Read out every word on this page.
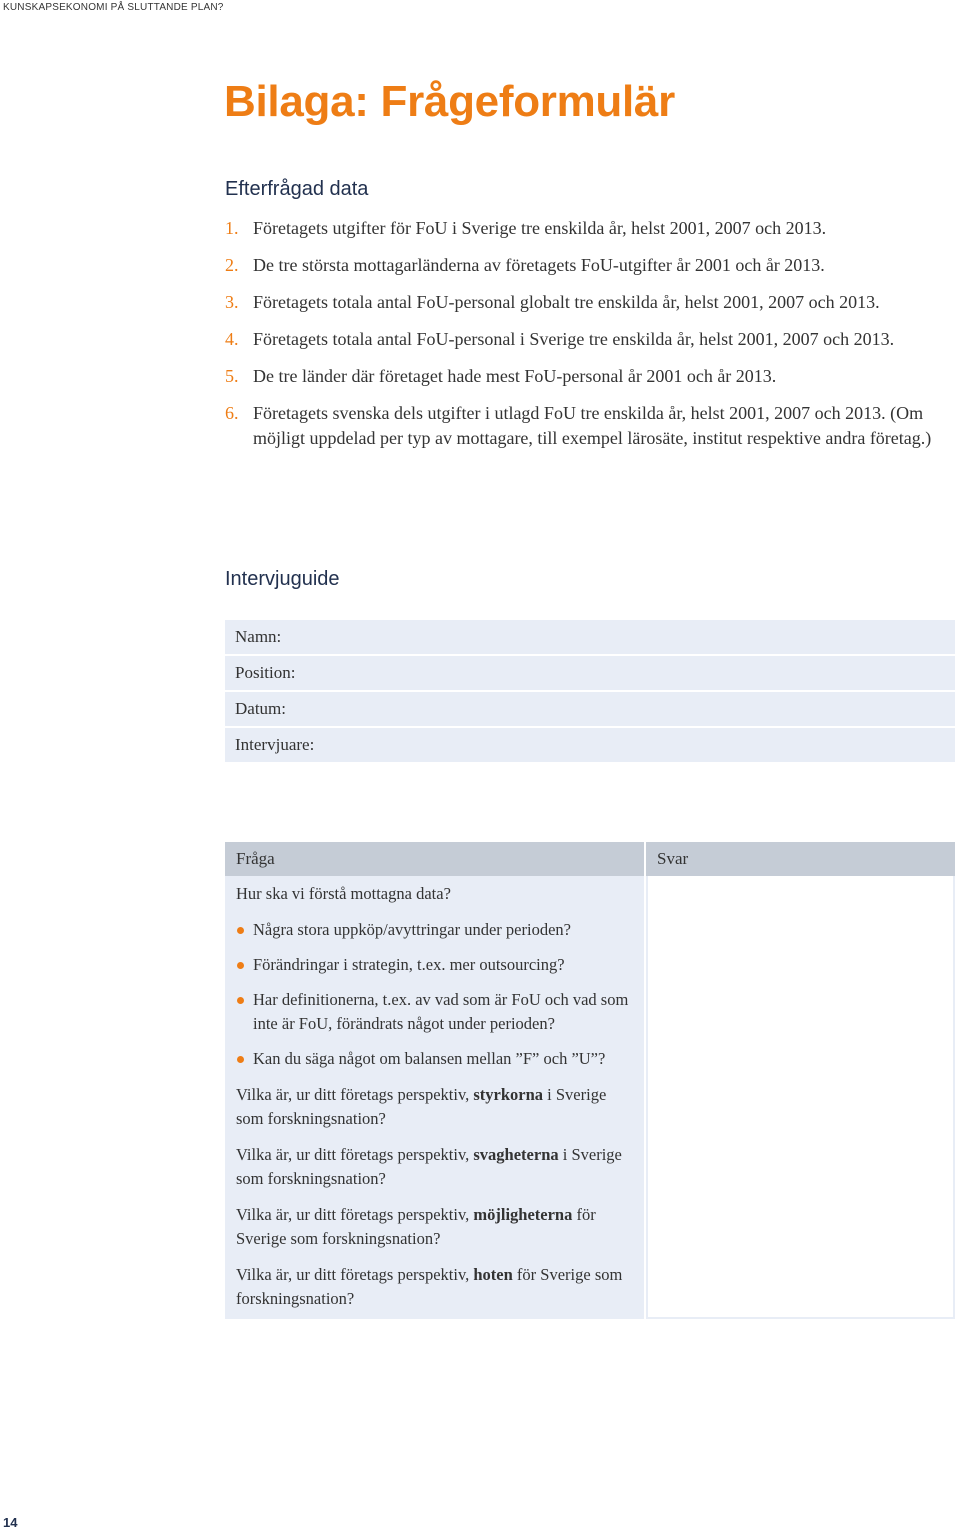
KUNSKAPSEKONOMI PÅ SLUTTANDE PLAN?
Bilaga: Frågeformulär
Efterfrågad data
1. Företagets utgifter för FoU i Sverige tre enskilda år, helst 2001, 2007 och 2013.
2. De tre största mottagarländerna av företagets FoU-utgifter år 2001 och år 2013.
3. Företagets totala antal FoU-personal globalt tre enskilda år, helst 2001, 2007 och 2013.
4. Företagets totala antal FoU-personal i Sverige tre enskilda år, helst 2001, 2007 och 2013.
5. De tre länder där företaget hade mest FoU-personal år 2001 och år 2013.
6. Företagets svenska dels utgifter i utlagd FoU tre enskilda år, helst 2001, 2007 och 2013. (Om möjligt uppdelad per typ av mottagare, till exempel lärosäte, institut respektive andra företag.)
Intervjuguide
Namn:
Position:
Datum:
Intervjuare:
Fråga	Svar
Hur ska vi förstå mottagna data?
Några stora uppköp/avyttringar under perioden?
Förändringar i strategin, t.ex. mer outsourcing?
Har definitionerna, t.ex. av vad som är FoU och vad som inte är FoU, förändrats något under perioden?
Kan du säga något om balansen mellan ”F” och ”U”?
Vilka är, ur ditt företags perspektiv, styrkorna i Sverige som forskningsnation?
Vilka är, ur ditt företags perspektiv, svagheterna i Sverige som forskningsnation?
Vilka är, ur ditt företags perspektiv, möjligheterna för Sverige som forskningsnation?
Vilka är, ur ditt företags perspektiv, hoten för Sverige som forskningsnation?
14
